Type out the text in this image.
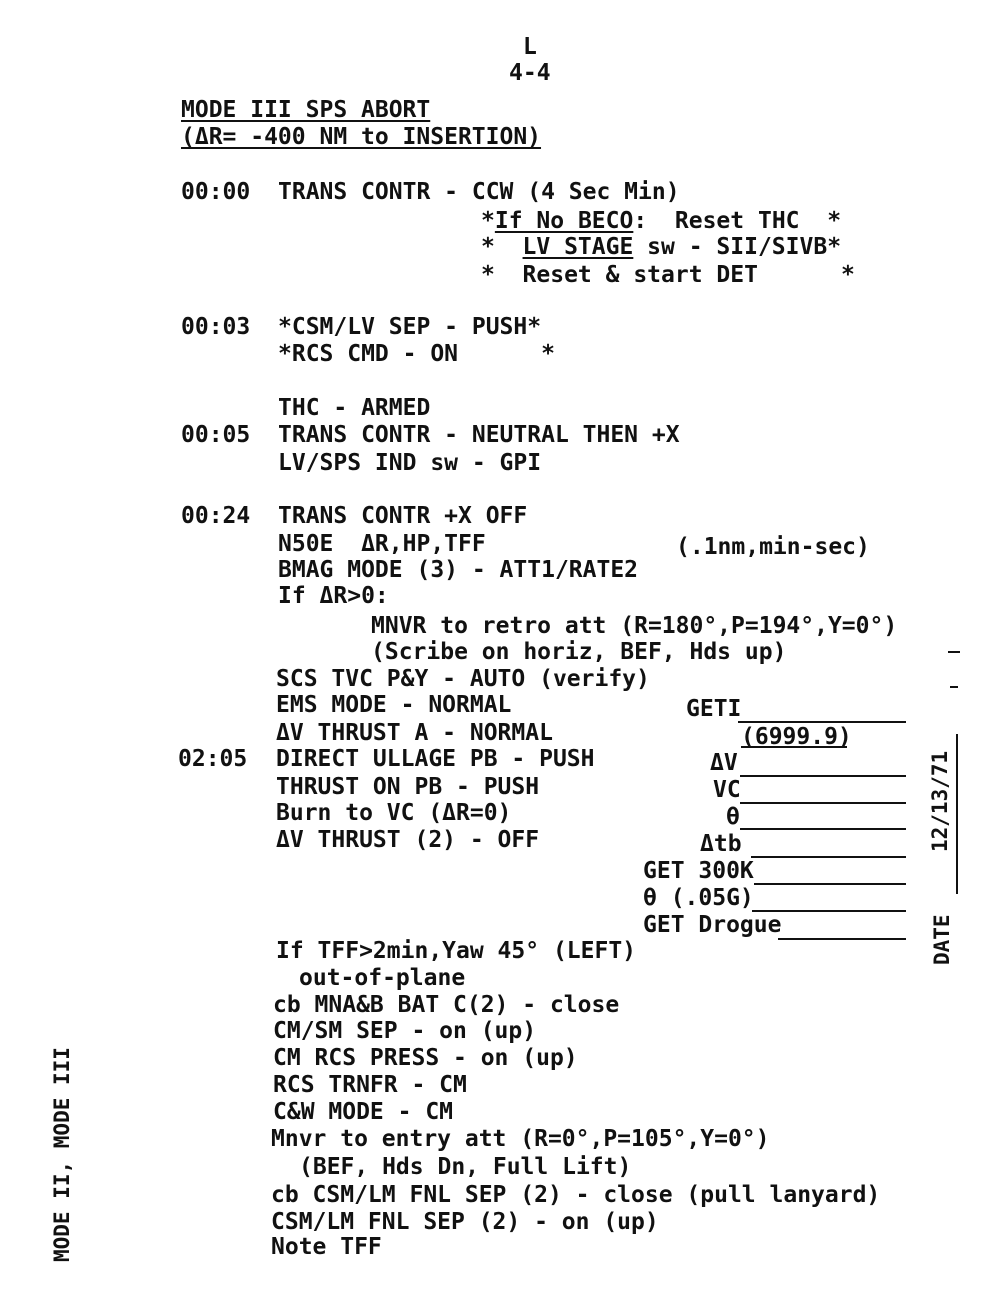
L
4-4
MODE III SPS ABORT
(ΔR= -400 NM to INSERTION)
00:00 TRANS CONTR - CCW (4 Sec Min)
*If No BECO:  Reset THC  *
*  LV STAGE sw - SII/SIVB*
*  Reset & start DET      *
00:03 *CSM/LV SEP - PUSH*
*RCS CMD - ON      *
THC - ARMED
00:05 TRANS CONTR - NEUTRAL THEN +X
LV/SPS IND sw - GPI
00:24 TRANS CONTR +X OFF
N50E  ΔR,HP,TFF	(.1nm,min-sec)
BMAG MODE (3) - ATT1/RATE2
If ΔR>0:
MNVR to retro att (R=180°,P=194°,Y=0°)
(Scribe on horiz, BEF, Hds up)
SCS TVC P&Y - AUTO (verify)
EMS MODE - NORMAL
ΔV THRUST A - NORMAL
02:05 DIRECT ULLAGE PB - PUSH
THRUST ON PB - PUSH
Burn to VC (ΔR=0)
ΔV THRUST (2) - OFF
GETI
(6999.9)
ΔV
VC
θ
Δtb
GET 300K
θ (.05G)
GET Drogue
If TFF>2min,Yaw 45° (LEFT)
out-of-plane
cb MNA&B BAT C(2) - close
CM/SM SEP - on (up)
CM RCS PRESS - on (up)
RCS TRNFR - CM
C&W MODE - CM
Mnvr to entry att (R=0°,P=105°,Y=0°)
(BEF, Hds Dn, Full Lift)
cb CSM/LM FNL SEP (2) - close (pull lanyard)
CSM/LM FNL SEP (2) - on (up)
Note TFF
12/13/71
DATE
MODE II, MODE III
